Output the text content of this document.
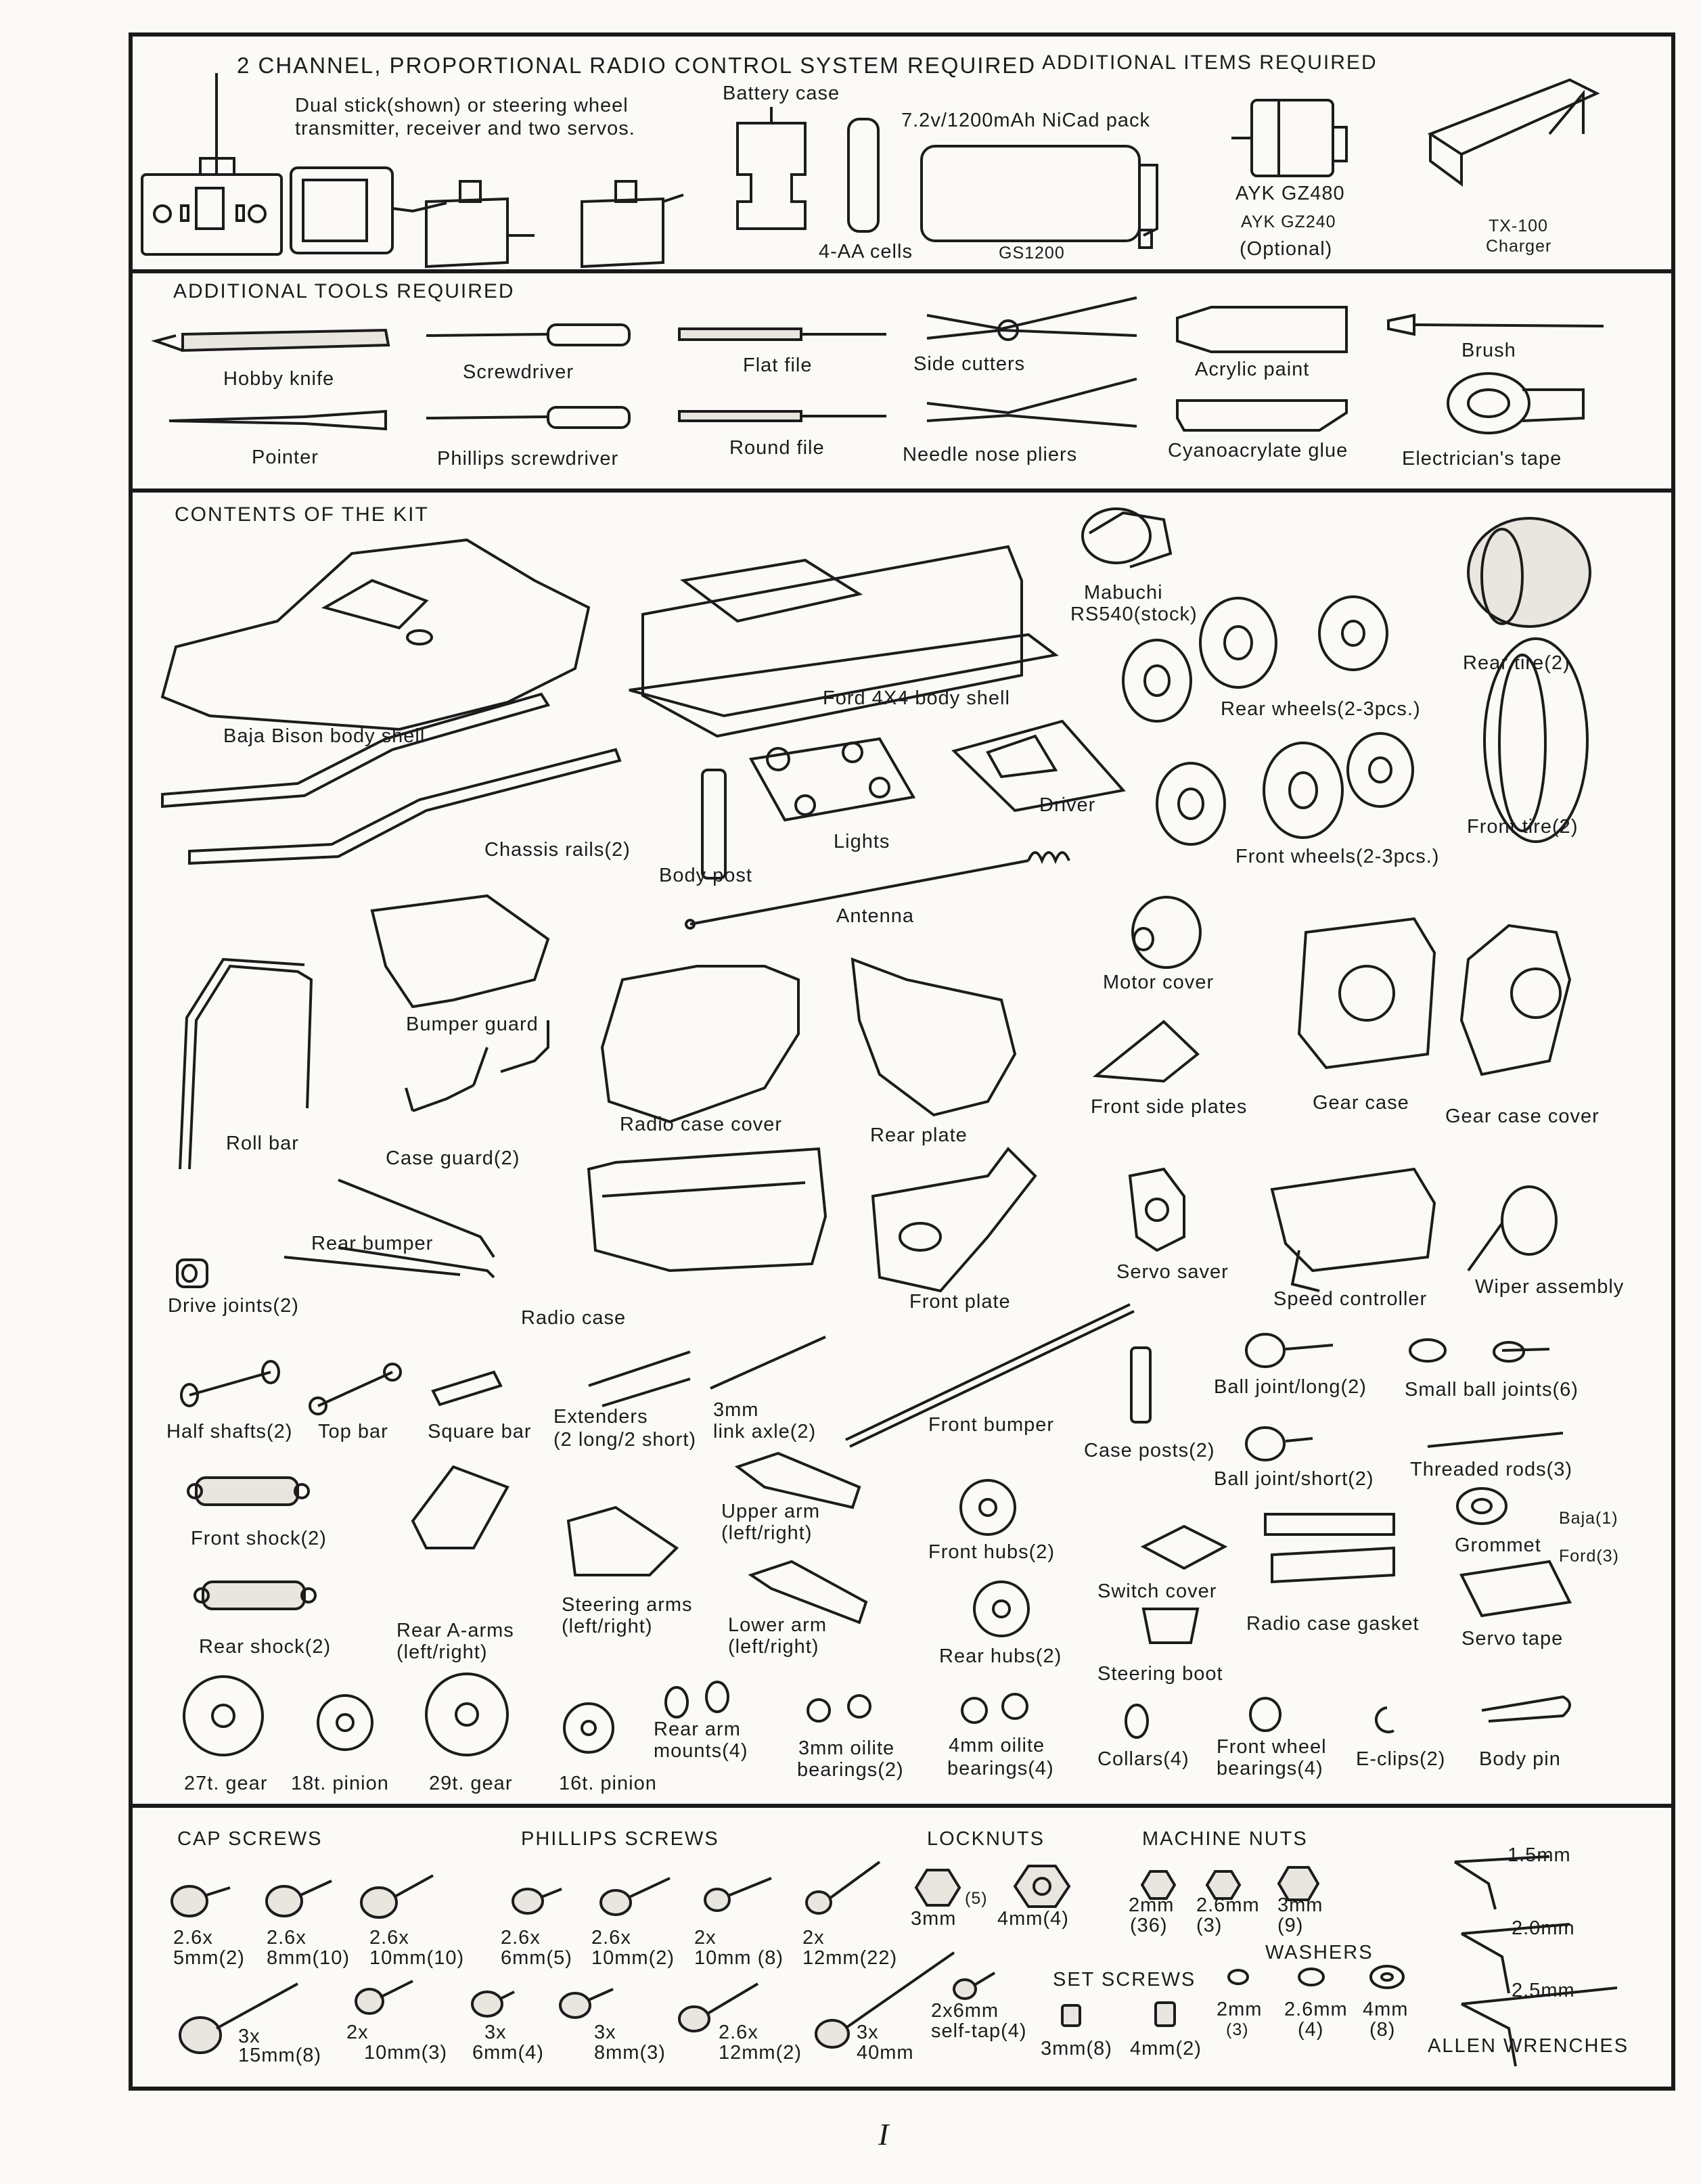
2 CHANNEL, PROPORTIONAL RADIO CONTROL SYSTEM REQUIRED ADDITIONAL ITEMS REQUIRED
Dual stick(shown) or steering wheel
transmitter, receiver and two servos.
Battery case
7.2v/1200mAh NiCad pack
4-AA cells	GS1200
AYK GZ480
AYK GZ240
(Optional)
TX-100
Charger
ADDITIONAL TOOLS REQUIRED
Hobby knife	Screwdriver	Flat file	Side cutters	Acrylic paint
Brush
Pointer	Phillips screwdriver	Round file	Needle nose pliers	Cyanoacrylate glue	Electrician's tape
CONTENTS OF THE KIT
Baja Bison body shell
Ford 4X4 body shell
Mabuchi
RS540(stock)
Rear tire(2)
Rear wheels(2-3pcs.)
Chassis rails(2)
Body post
Lights
Driver
Front wheels(2-3pcs.)
Front tire(2)
Antenna
Motor cover
Bumper guard
Roll bar
Radio case cover	Rear plate
Front side plates	Gear case
Gear case cover
Case guard(2)
Rear bumper
Servo saver
Speed controller
Wiper assembly
Drive joints(2)
Radio case
Front plate
Ball joint/long(2) Small ball joints(6)
Half shafts(2) Top bar Square bar
Extenders
(2 long/2 short)
3mm
link axle(2)	Front bumper
Case posts(2)
Ball joint/short(2) Threaded rods(3)
Front shock(2)
Upper arm
(left/right)
Front hubs(2)	Grommet
Baja(1)
Ford(3)
Switch cover
Steering arms
(left/right)
Rear A-arms
(left/right)
Lower arm
(left/right)
Radio case gasket
Servo tape
Rear shock(2)	Rear hubs(2)
Steering boot
27t. gear 18t. pinion 29t. gear 16t. pinion
Rear arm
mounts(4)	3mm oilite
bearings(2)
4mm oilite
bearings(4) Collars(4)
Front wheel
bearings(4) E-clips(2) Body pin
CAP SCREWS	PHILLIPS SCREWS	LOCKNUTS	MACHINE NUTS
WASHERS
SET SCREWS
ALLEN WRENCHES
2.6x
5mm(2)
2.6x
8mm(10)
2.6x
10mm(10)
3x
15mm(8)
2x
10mm(3)
2.6x
6mm(5)
2.6x
10mm(2)
2x
10mm (8)
2x
12mm(22)
3x
6mm(4)
3x
8mm(3)
2.6x
12mm(2)
3x
40mm
2x6mm
self-tap(4)
3mm
(5)
4mm(4)
2mm
(36)
2.6mm
(3)
3mm
(9)
3mm(8) 4mm(2)
2mm
(3)
2.6mm
(4)
4mm
(8)
1.5mm
2.0mm
2.5mm
I
